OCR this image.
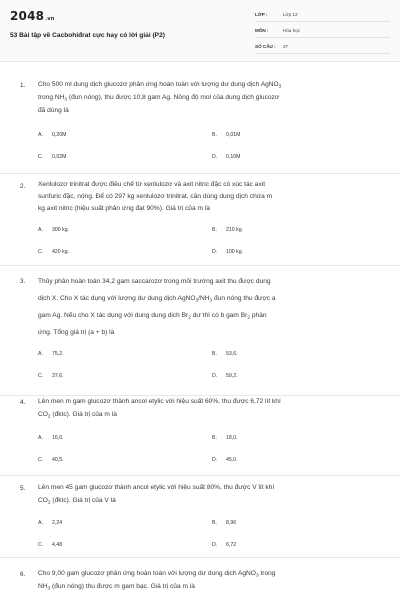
2048.vn
53 Bài tập về Cacbohiđrat cực hay có lời giải (P2)
LỚP :	Lớp 12
MÔN :	Hóa học
SỐ CÂU : 27
1. Cho 500 ml dung dịch glucozơ phản ứng hoàn toàn với lượng dư dung dịch AgNO$_3$
trong $NH_3$ (đun nóng), thu được 10,8 gam Ag. Nồng độ mol của dung dịch glucozơ
đã dùng là
A. 0,20M	B. 0,01M
C. 0,02M	D. 0,10M
2. Xenlulozơ trinitrat được điều chế từ xenlulozơ và axit nitric đặc có xúc tác axit
sunfuric đặc, nóng. Để có 297 kg xenlulozơ trinitrat, cần dùng dung dịch chứa m
kg axit nitric (hiệu suất phản ứng đạt 90%). Giá trị của m là
A. 300 kg.	B. 210 kg.
C. 420 kg.	D. 100 kg.
3. Thủy phân hoàn toàn 34,2 gam saccarozơ trong môi trường axit thu được dung
dịch X. Cho X tác dụng với lượng dư dung dịch $AgNO_3/NH_3$ đun nóng thu được a
gam Ag. Nếu cho X tác dụng với dung dung dịch $Br_2$ dư thì có b gam $Br_2$ phản
ứng. Tổng giá trị (a + b) là
A. 75,2.	B. 53,6.
C. 37,6.	D. 59,2.
4. Lên men m gam glucozơ thành ancol etylic với hiệu suất 60%, thu được 6,72 lít khí
$CO_2$ (đktc). Giá trị của m là
A. 16,0.	B. 18,0.
C. 40,5.	D. 45,0.
5. Lên men 45 gam glucozơ thành ancol etylic với hiệu suất 80%, thu được V lít khí
$CO_2$ (đktc). Giá trị của V là
A. 2,24	B. 8,96
C. 4,48	D. 6,72
6. Cho 9,00 gam glucozơ phản ứng hoàn toàn với lượng dư dung dịch AgNO$_3$ trong
$NH_3$ (đun nóng) thu được m gam bạc. Giá trị của m là
